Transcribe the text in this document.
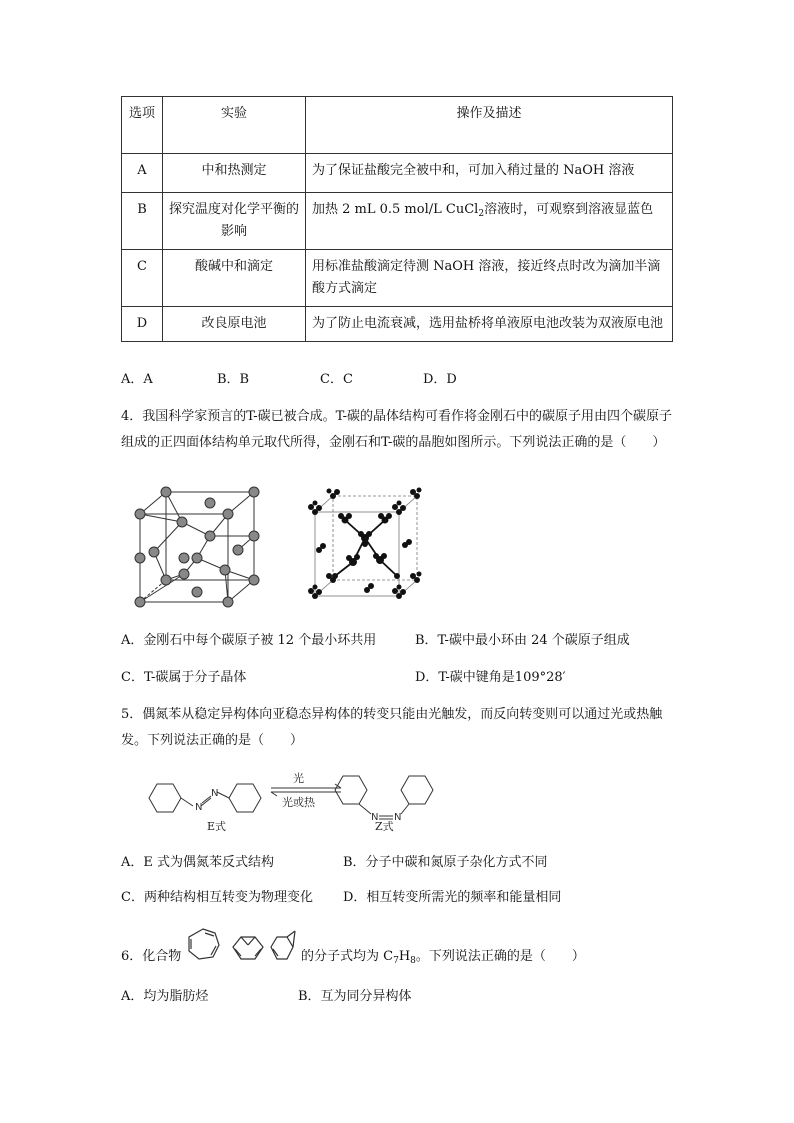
选项	实验	操作及描述
A	中和热测定	为了保证盐酸完全被中和，可加入稍过量的 NaOH 溶液
B	探究温度对化学平衡的影响	加热 2 mL 0.5 mol/L CuCl$_2$溶液时，可观察到溶液显蓝色
C	酸碱中和滴定	用标准盐酸滴定待测 NaOH 溶液，接近终点时改为滴加半滴酸方式滴定
D	改良原电池	为了防止电流衰减，选用盐桥将单液原电池改装为双液原电池
A．A	B．B	C．C	D．D
4．我国科学家预言的T-碳已被合成。T-碳的晶体结构可看作将金刚石中的碳原子用由四个碳原子组成的正四面体结构单元取代所得，金刚石和T-碳的晶胞如图所示。下列说法正确的是（　　）
A．金刚石中每个碳原子被 12 个最小环共用	B．T-碳中最小环由 24 个碳原子组成
C．T-碳属于分子晶体	D．T-碳中键角是109°28′
5．偶氮苯从稳定异构体向亚稳态异构体的转变只能由光触发，而反向转变则可以通过光或热触发。下列说法正确的是（　　）
N
N
N N
光
光或热
E式	Z式
A．E 式为偶氮苯反式结构	B．分子中碳和氮原子杂化方式不同
C．两种结构相互转变为物理变化 D．相互转变所需光的频率和能量相同
6．化合物	的分子式均为 $C_7H_8$。下列说法正确的是（　　）
A．均为脂肪烃	B．互为同分异构体
